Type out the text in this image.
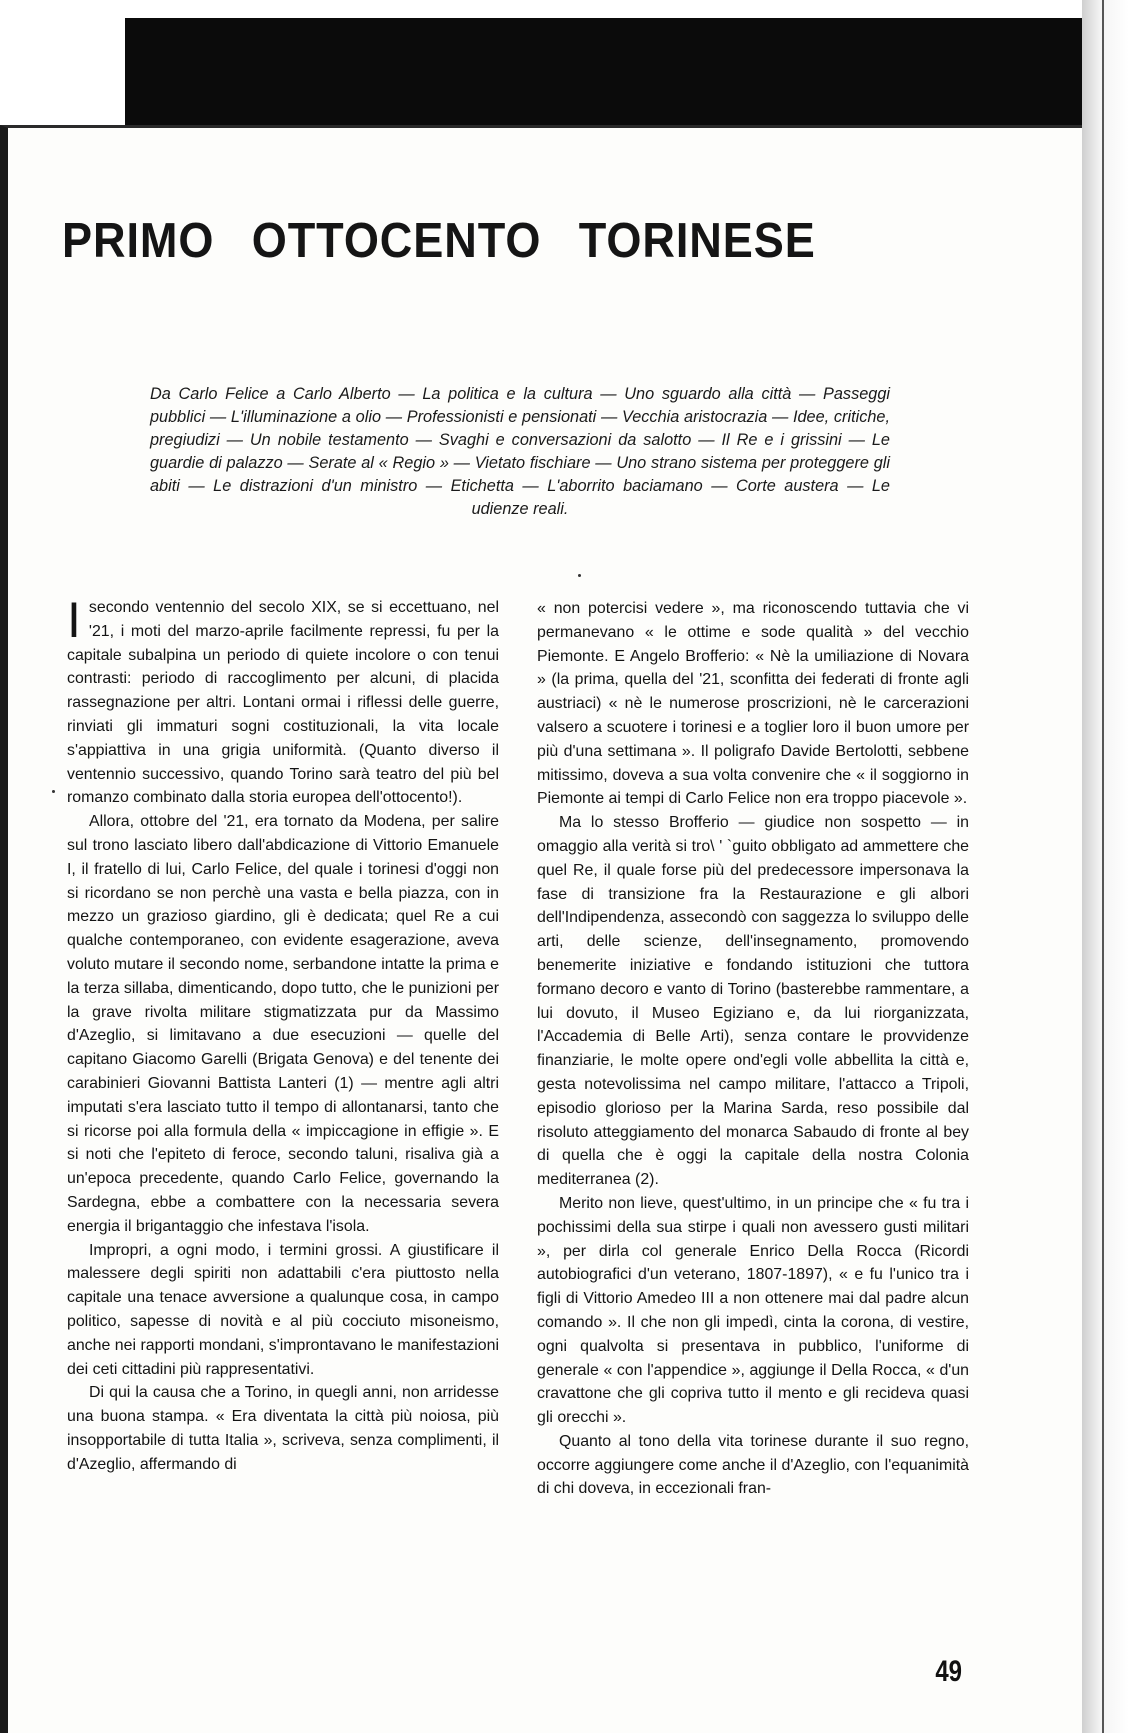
PRIMO OTTOCENTO TORINESE
Da Carlo Felice a Carlo Alberto — La politica e la cultura — Uno sguardo alla città — Passeggi pubblici — L'illuminazione a olio — Professionisti e pensionati — Vecchia aristocrazia — Idee, critiche, pregiudizi — Un nobile testamento — Svaghi e conversazioni da salotto — Il Re e i grissini — Le guardie di palazzo — Serate al « Regio » — Vietato fischiare — Uno strano sistema per proteggere gli abiti — Le distrazioni d'un ministro — Etichetta — L'aborrito baciamano — Corte austera — Le udienze reali.

I secondo ventennio del secolo XIX, se si eccettuano, nel '21, i moti del marzo-aprile facilmente repressi, fu per la capitale subalpina un periodo di quiete incolore o con tenui contrasti: periodo di raccoglimento per alcuni, di placida rassegnazione per altri. Lontani ormai i riflessi delle guerre, rinviati gli immaturi sogni costituzionali, la vita locale s'appiattiva in una grigia uniformità. (Quanto diverso il ventennio successivo, quando Torino sarà teatro del più bel romanzo combinato dalla storia europea dell'ottocento!).

Allora, ottobre del '21, era tornato da Modena, per salire sul trono lasciato libero dall'abdicazione di Vittorio Emanuele I, il fratello di lui, Carlo Felice, del quale i torinesi d'oggi non si ricordano se non perchè una vasta e bella piazza, con in mezzo un grazioso giardino, gli è dedicata; quel Re a cui qualche contemporaneo, con evidente esagerazione, aveva voluto mutare il secondo nome, serbandone intatte la prima e la terza sillaba, dimenticando, dopo tutto, che le punizioni per la grave rivolta militare stigmatizzata pur da Massimo d'Azeglio, si limitavano a due esecuzioni — quelle del capitano Giacomo Garelli (Brigata Genova) e del tenente dei carabinieri Giovanni Battista Lanteri (1) — mentre agli altri imputati s'era lasciato tutto il tempo di allontanarsi, tanto che si ricorse poi alla formula della « impiccagione in effigie ». E si noti che l'epiteto di feroce, secondo taluni, risaliva già a un'epoca precedente, quando Carlo Felice, governando la Sardegna, ebbe a combattere con la necessaria severa energia il brigantaggio che infestava l'isola.

Impropri, a ogni modo, i termini grossi. A giustificare il malessere degli spiriti non adattabili c'era piuttosto nella capitale una tenace avversione a qualunque cosa, in campo politico, sapesse di novità e al più cocciuto misoneismo, anche nei rapporti mondani, s'improntavano le manifestazioni dei ceti cittadini più rappresentativi.

Di qui la causa che a Torino, in quegli anni, non arridesse una buona stampa. « Era diventata la città più noiosa, più insopportabile di tutta Italia », scriveva, senza complimenti, il d'Azeglio, affermando di

« non potercisi vedere », ma riconoscendo tuttavia che vi permanevano « le ottime e sode qualità » del vecchio Piemonte. E Angelo Brofferio: « Nè la umiliazione di Novara » (la prima, quella del '21, sconfitta dei federati di fronte agli austriaci) « nè le numerose proscrizioni, nè le carcerazioni valsero a scuotere i torinesi e a toglier loro il buon umore per più d'una settimana ». Il poligrafo Davide Bertolotti, sebbene mitissimo, doveva a sua volta convenire che « il soggiorno in Piemonte ai tempi di Carlo Felice non era troppo piacevole ».

Ma lo stesso Brofferio — giudice non sospetto — in omaggio alla verità si tro\ ' `guito obbligato ad ammettere che quel Re, il quale forse più del predecessore impersonava la fase di transizione fra la Restaurazione e gli albori dell'Indipendenza, assecondò con saggezza lo sviluppo delle arti, delle scienze, dell'insegnamento, promovendo benemerite iniziative e fondando istituzioni che tuttora formano decoro e vanto di Torino (basterebbe rammentare, a lui dovuto, il Museo Egiziano e, da lui riorganizzata, l'Accademia di Belle Arti), senza contare le provvidenze finanziarie, le molte opere ond'egli volle abbellita la città e, gesta notevolissima nel campo militare, l'attacco a Tripoli, episodio glorioso per la Marina Sarda, reso possibile dal risoluto atteggiamento del monarca Sabaudo di fronte al bey di quella che è oggi la capitale della nostra Colonia mediterranea (2).

Merito non lieve, quest'ultimo, in un principe che « fu tra i pochissimi della sua stirpe i quali non avessero gusti militari », per dirla col generale Enrico Della Rocca (Ricordi autobiografici d'un veterano, 1807-1897), « e fu l'unico tra i figli di Vittorio Amedeo III a non ottenere mai dal padre alcun comando ». Il che non gli impedì, cinta la corona, di vestire, ogni qualvolta si presentava in pubblico, l'uniforme di generale « con l'appendice », aggiunge il Della Rocca, « d'un cravattone che gli copriva tutto il mento e gli recideva quasi gli orecchi ».

Quanto al tono della vita torinese durante il suo regno, occorre aggiungere come anche il d'Azeglio, con l'equanimità di chi doveva, in eccezionali fran-

49
